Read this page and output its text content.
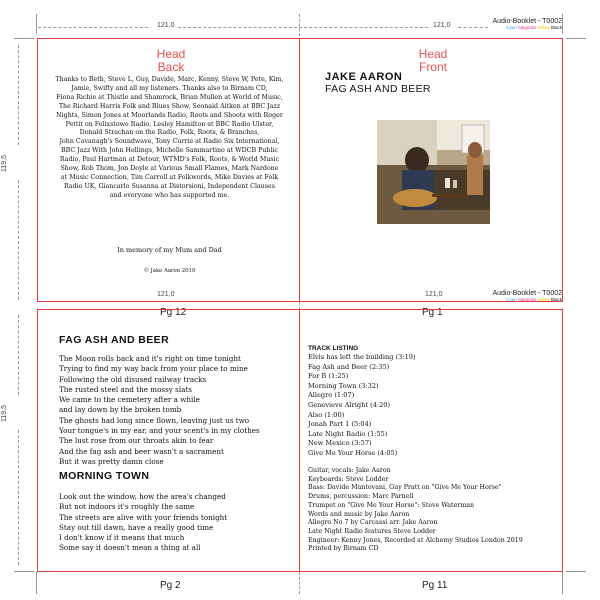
121,0	121,0
121,0	121,0
119,5
119,5
Audio-Booklet - T0002
Cyan Magenta Yellow Black
Audio-Booklet - T0002
Cyan Magenta Yellow Black
Head
Back
Thanks to Beth, Steve L, Guy, Davide, Marc, Kenny, Steve W, Pete, Kim,
Jamie, Swifty and all my listeners. Thanks also to Birnam CD,
Fiona Richie at Thistle and Shamrock, Brian Mullen at World of Music,
The Richard Harris Folk and Blues Show, Seonaid Aitken at BBC Jazz
Nights, Simon Jones at Moorlands Radio, Roots and Shoots with Roger
Pettit on Felixstowe Radio, Lesley Hamilton at BBC Radio Ulster,
Donald Strachan on the Radio, Folk, Roots, & Branches,
John Cavanagh's Soundwave, Tony Currie at Radio Six International,
BBC Jazz With John Hellings, Michelle Sammartino at WDCB Public
Radio, Paul Hartman at Detour, WTMD's Folk, Roots, & World Music
Show, Rob Thom, Jon Doyle at Various Small Flames, Mark Nardone
at Music Connection, Tim Carroll at Folkwords, Mike Davies at Folk
Radio UK, Giancarlo Susanna at Distorsioni, Independent Clauses
and everyone who has supported me.
In memory of my Mum and Dad
© Jake Aaron 2019
Head
Front
JAKE AARON
FAG ASH AND BEER
Pg 12	Pg 1
FAG ASH AND BEER
The Moon rolls back and it's right on time tonight
Trying to find my way back from your place to mine
Following the old disused railway tracks
The rusted steel and the mossy slats
We came to the cemetery after a while
and lay down by the broken tomb
The ghosts had long since flown, leaving just us two
Your tongue's in my ear, and your scent's in my clothes
The lust rose from our throats akin to fear
And the fag ash and beer wasn't a sacrament
But it was pretty damn close
MORNING TOWN
Look out the window, how the area's changed
But not indoors it's roughly the same
The streets are alive with your friends tonight
Stay out till dawn, have a really good time
I don't know if it means that much
Some say it doesn't mean a thing at all
TRACK LISTING
Elvis has left the building (3:19)
Fag Ash and Beer (2:35)
For B (1:25)
Morning Town (3:32)
Allegro (1:07)
Genevieve Alright (4:20)
Also (1:00)
Jonah Part 1 (5:04)
Late Night Radio (1:55)
New Mexico (3:57)
Give Me Your Horse (4:05)
Guitar, vocals: Jake Aaron
Keyboards: Steve Lodder
Bass: Davide Mantovani, Guy Pratt on "Give Me Your Horse"
Drums, percussion: Marc Parnell
Trumpet on "Give Me Your Horse": Steve Waterman
Words and music by Jake Aaron
Allegro No 7 by Carcassi arr. Jake Aaron
Late Night Radio features Steve Lodder
Engineer: Kenny Jones, Recorded at Alchemy Studios London 2019
Printed by Birnam CD
Pg 2	Pg 11
